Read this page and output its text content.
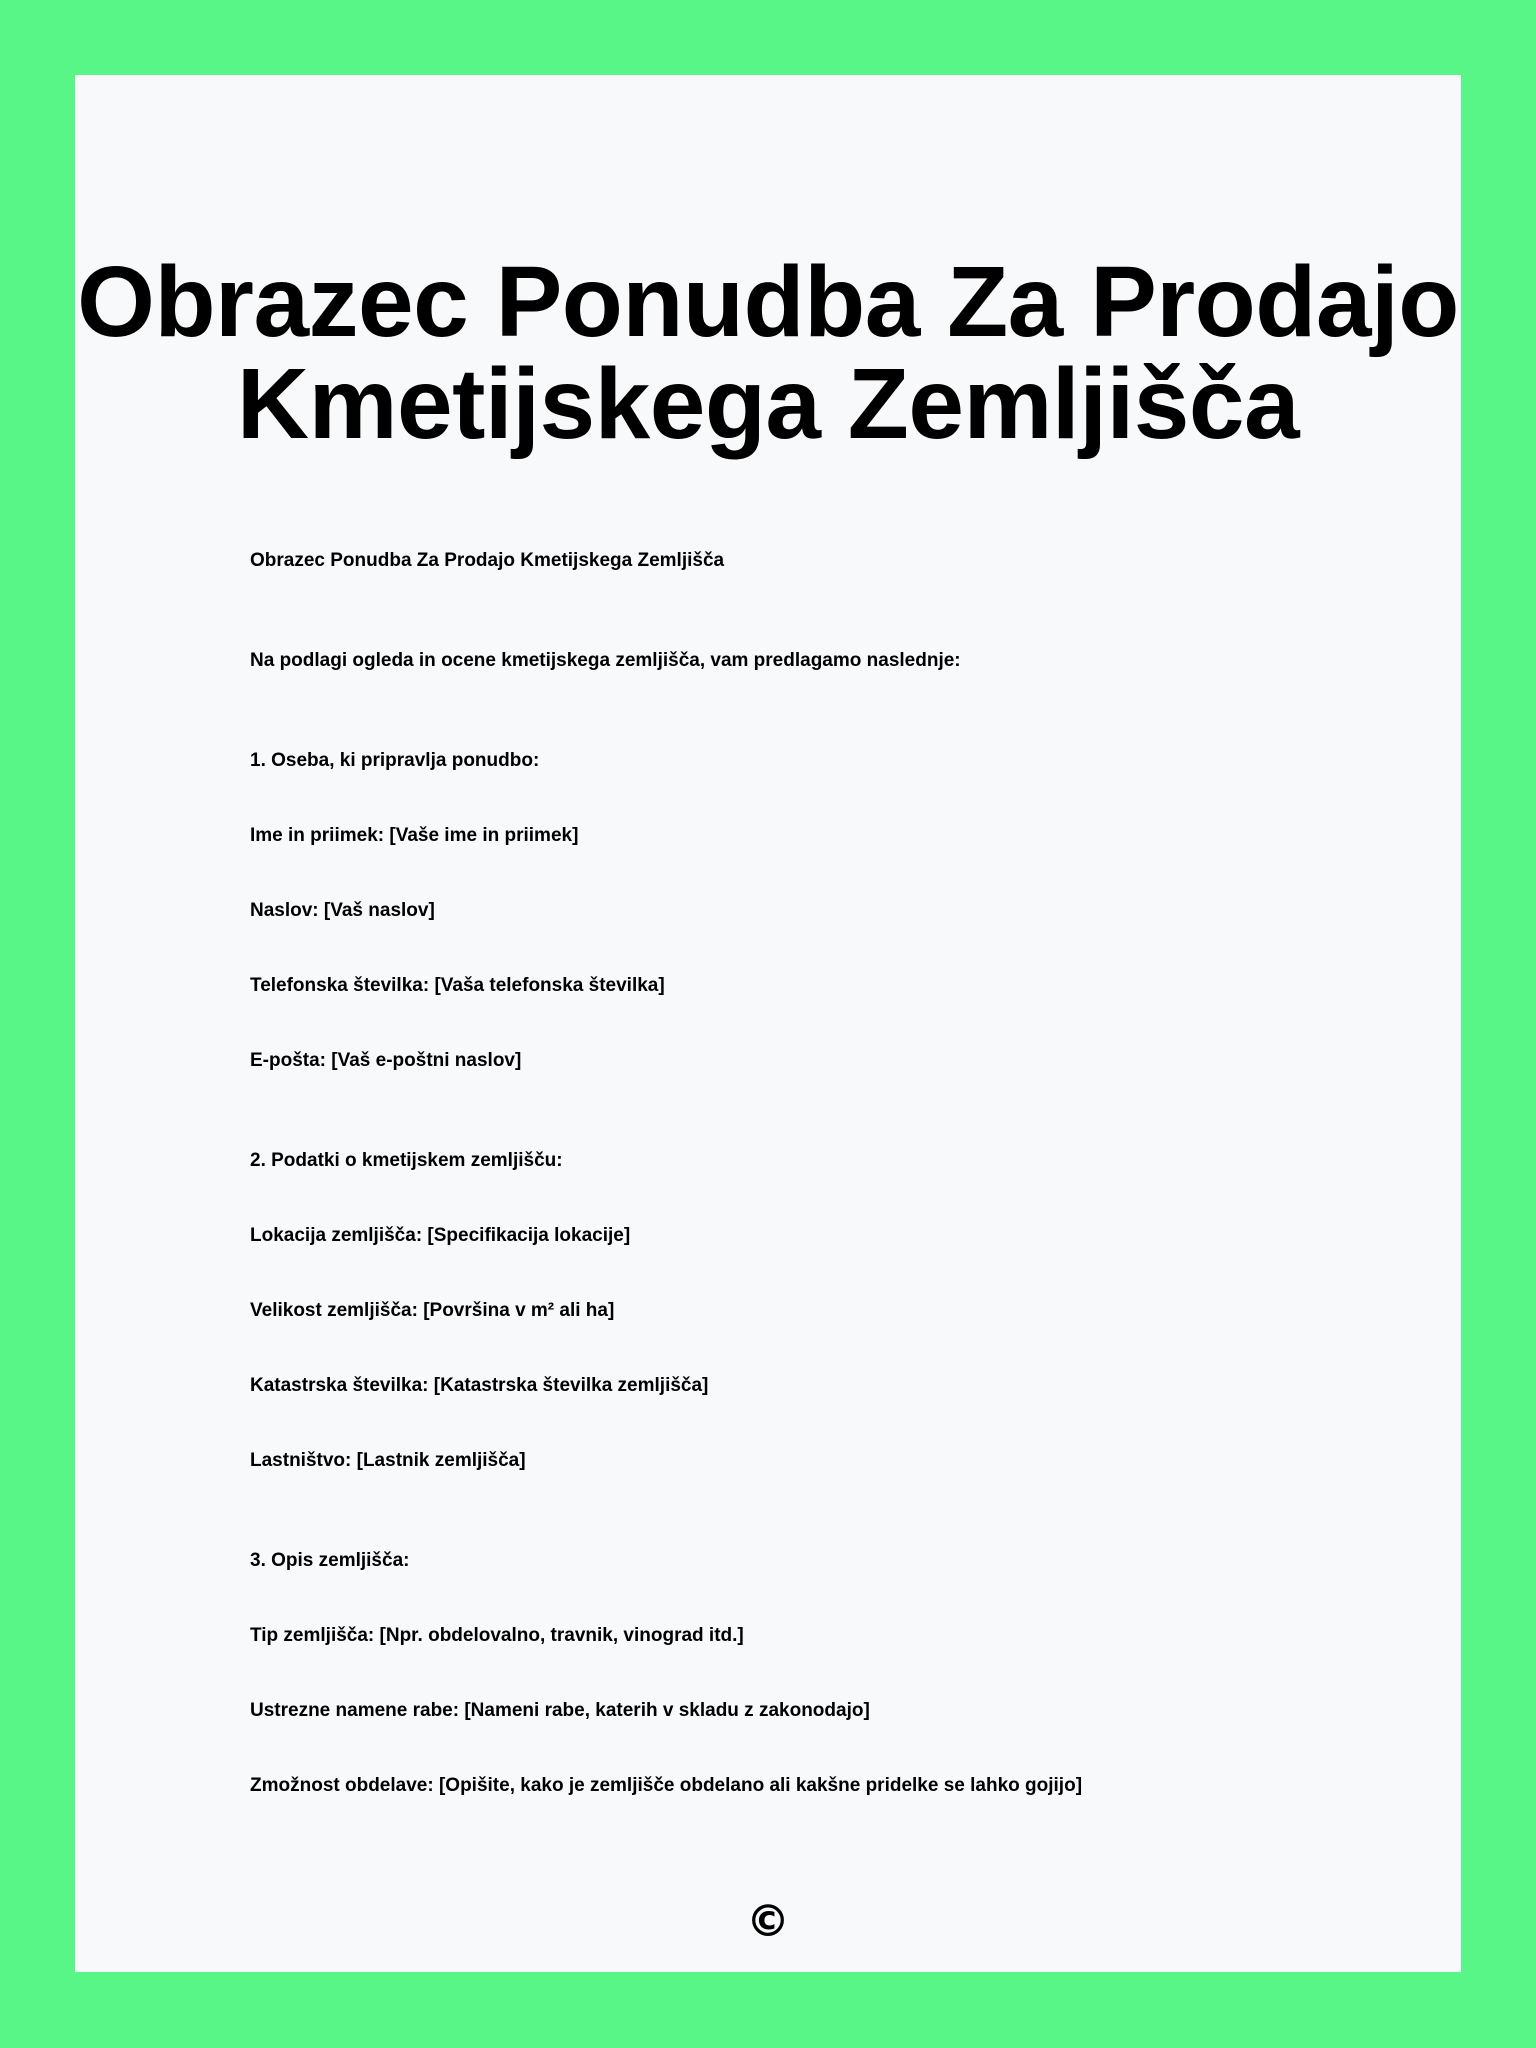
Obrazec Ponudba Za Prodajo Kmetijskega Zemljišča
Obrazec Ponudba Za Prodajo Kmetijskega Zemljišča
Na podlagi ogleda in ocene kmetijskega zemljišča, vam predlagamo naslednje:
1. Oseba, ki pripravlja ponudbo:
Ime in priimek: [Vaše ime in priimek]
Naslov: [Vaš naslov]
Telefonska številka: [Vaša telefonska številka]
E-pošta: [Vaš e-poštni naslov]
2. Podatki o kmetijskem zemljišču:
Lokacija zemljišča: [Specifikacija lokacije]
Velikost zemljišča: [Površina v m² ali ha]
Katastrska številka: [Katastrska številka zemljišča]
Lastništvo: [Lastnik zemljišča]
3. Opis zemljišča:
Tip zemljišča: [Npr. obdelovalno, travnik, vinograd itd.]
Ustrezne namene rabe: [Nameni rabe, katerih v skladu z zakonodajo]
Zmožnost obdelave: [Opišite, kako je zemljišče obdelano ali kakšne pridelke se lahko gojijo]
©
